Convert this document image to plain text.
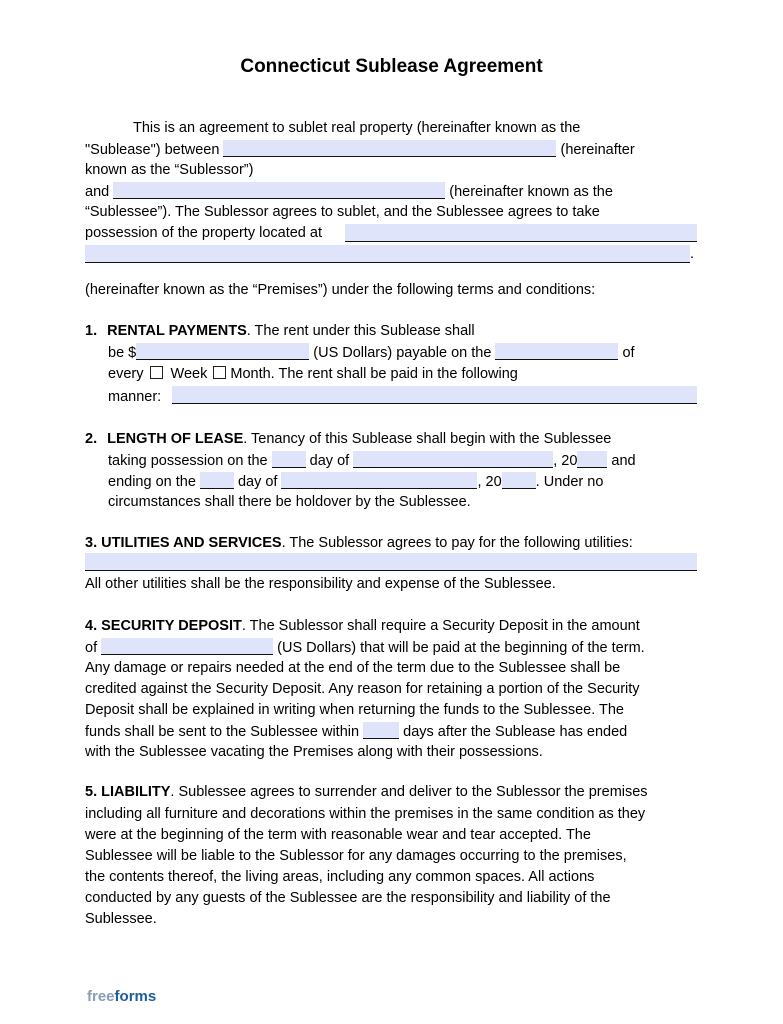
Connecticut Sublease Agreement
This is an agreement to sublet real property (hereinafter known as the
"Sublease") between	(hereinafter
known as the “Sublessor”)
and	(hereinafter known as the
“Sublessee”). The Sublessor agrees to sublet, and the Sublessee agrees to take
possession of the property located at
.
(hereinafter known as the “Premises”) under the following terms and conditions:
1. RENTAL PAYMENTS. The rent under this Sublease shall
be $	(US Dollars) payable on the	of
every Week Month. The rent shall be paid in the following
manner:
2. LENGTH OF LEASE. Tenancy of this Sublease shall begin with the Sublessee
taking possession on the	day of	, 20 and
ending on the	day of	, 20 . Under no
circumstances shall there be holdover by the Sublessee.
3. UTILITIES AND SERVICES. The Sublessor agrees to pay for the following utilities:
All other utilities shall be the responsibility and expense of the Sublessee.
4. SECURITY DEPOSIT. The Sublessor shall require a Security Deposit in the amount
of	(US Dollars) that will be paid at the beginning of the term.
Any damage or repairs needed at the end of the term due to the Sublessee shall be
credited against the Security Deposit. Any reason for retaining a portion of the Security
Deposit shall be explained in writing when returning the funds to the Sublessee. The
funds shall be sent to the Sublessee within	days after the Sublease has ended
with the Sublessee vacating the Premises along with their possessions.
5. LIABILITY. Sublessee agrees to surrender and deliver to the Sublessor the premises
including all furniture and decorations within the premises in the same condition as they
were at the beginning of the term with reasonable wear and tear accepted. The
Sublessee will be liable to the Sublessor for any damages occurring to the premises,
the contents thereof, the living areas, including any common spaces. All actions
conducted by any guests of the Sublessee are the responsibility and liability of the
Sublessee.
freeforms
